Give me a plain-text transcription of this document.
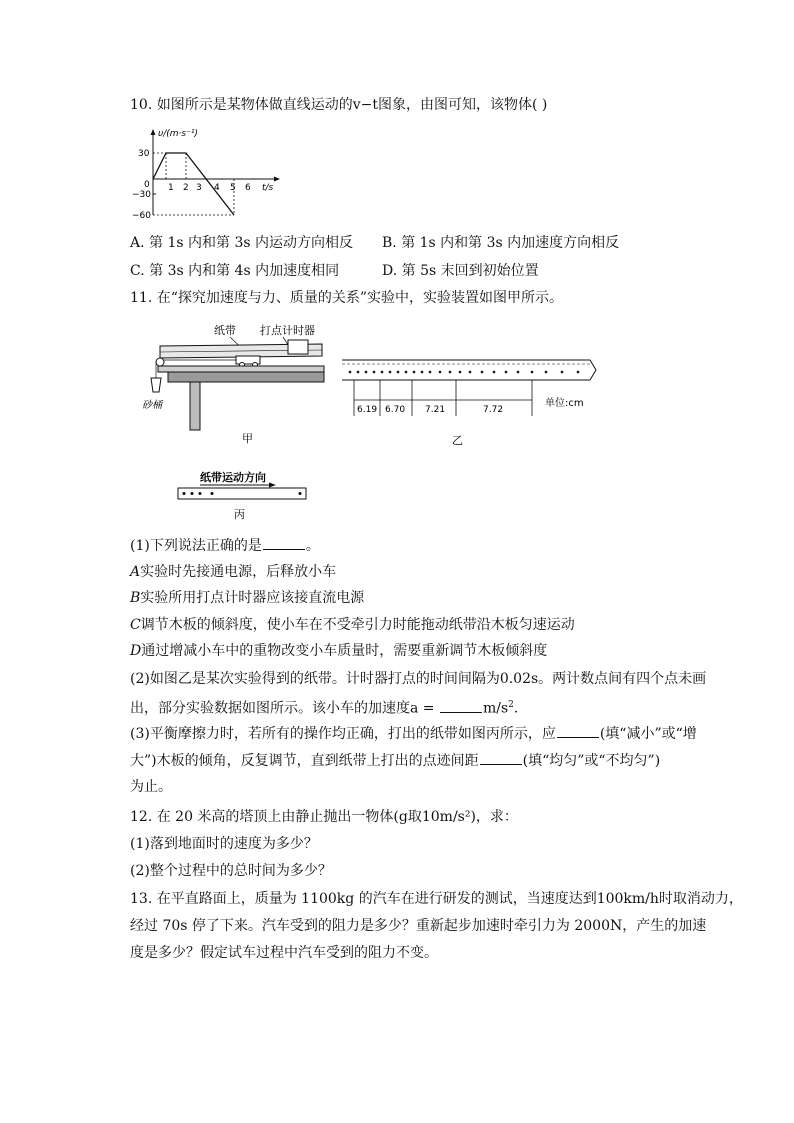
10. 如图所示是某物体做直线运动的v−t图象，由图可知，该物体( )
υ/(m·s⁻¹)
t/s
0
30
−30
−60
1 2 3 4 5 6
A. 第 1s 内和第 3s 内运动方向相反 B. 第 1s 内和第 3s 内加速度方向相反
C. 第 3s 内和第 4s 内加速度相同	D. 第 5s 末回到初始位置
11. 在“探究加速度与力、质量的关系”实验中，实验装置如图甲所示。
纸带 打点计时器
砂桶
甲
6.19 6.70 7.21	7.72
单位:cm
乙
纸带运动方向
丙
(1)下列说法正确的是	。
A实验时先接通电源，后释放小车
B实验所用打点计时器应该接直流电源
C调节木板的倾斜度，使小车在不受牵引力时能拖动纸带沿木板匀速运动
D通过增减小车中的重物改变小车质量时，需要重新调节木板倾斜度
(2)如图乙是某次实验得到的纸带。计时器打点的时间间隔为0.02s。两计数点间有四个点未画
出，部分实验数据如图所示。该小车的加速度a =	$m/s^2$.
(3)平衡摩擦力时，若所有的操作均正确，打出的纸带如图丙所示，应	(填“减小”或“增
大”)木板的倾角，反复调节，直到纸带上打出的点迹间距	(填“均匀”或“不均匀”)
为止。
12. 在 20 米高的塔顶上由静止抛出一物体(g取10m/s²)，求：
(1)落到地面时的速度为多少？
(2)整个过程中的总时间为多少？
13. 在平直路面上，质量为 1100kg 的汽车在进行研发的测试，当速度达到100km/h时取消动力，
经过 70s 停了下来。汽车受到的阻力是多少？重新起步加速时牵引力为 2000N，产生的加速
度是多少？假定试车过程中汽车受到的阻力不变。
